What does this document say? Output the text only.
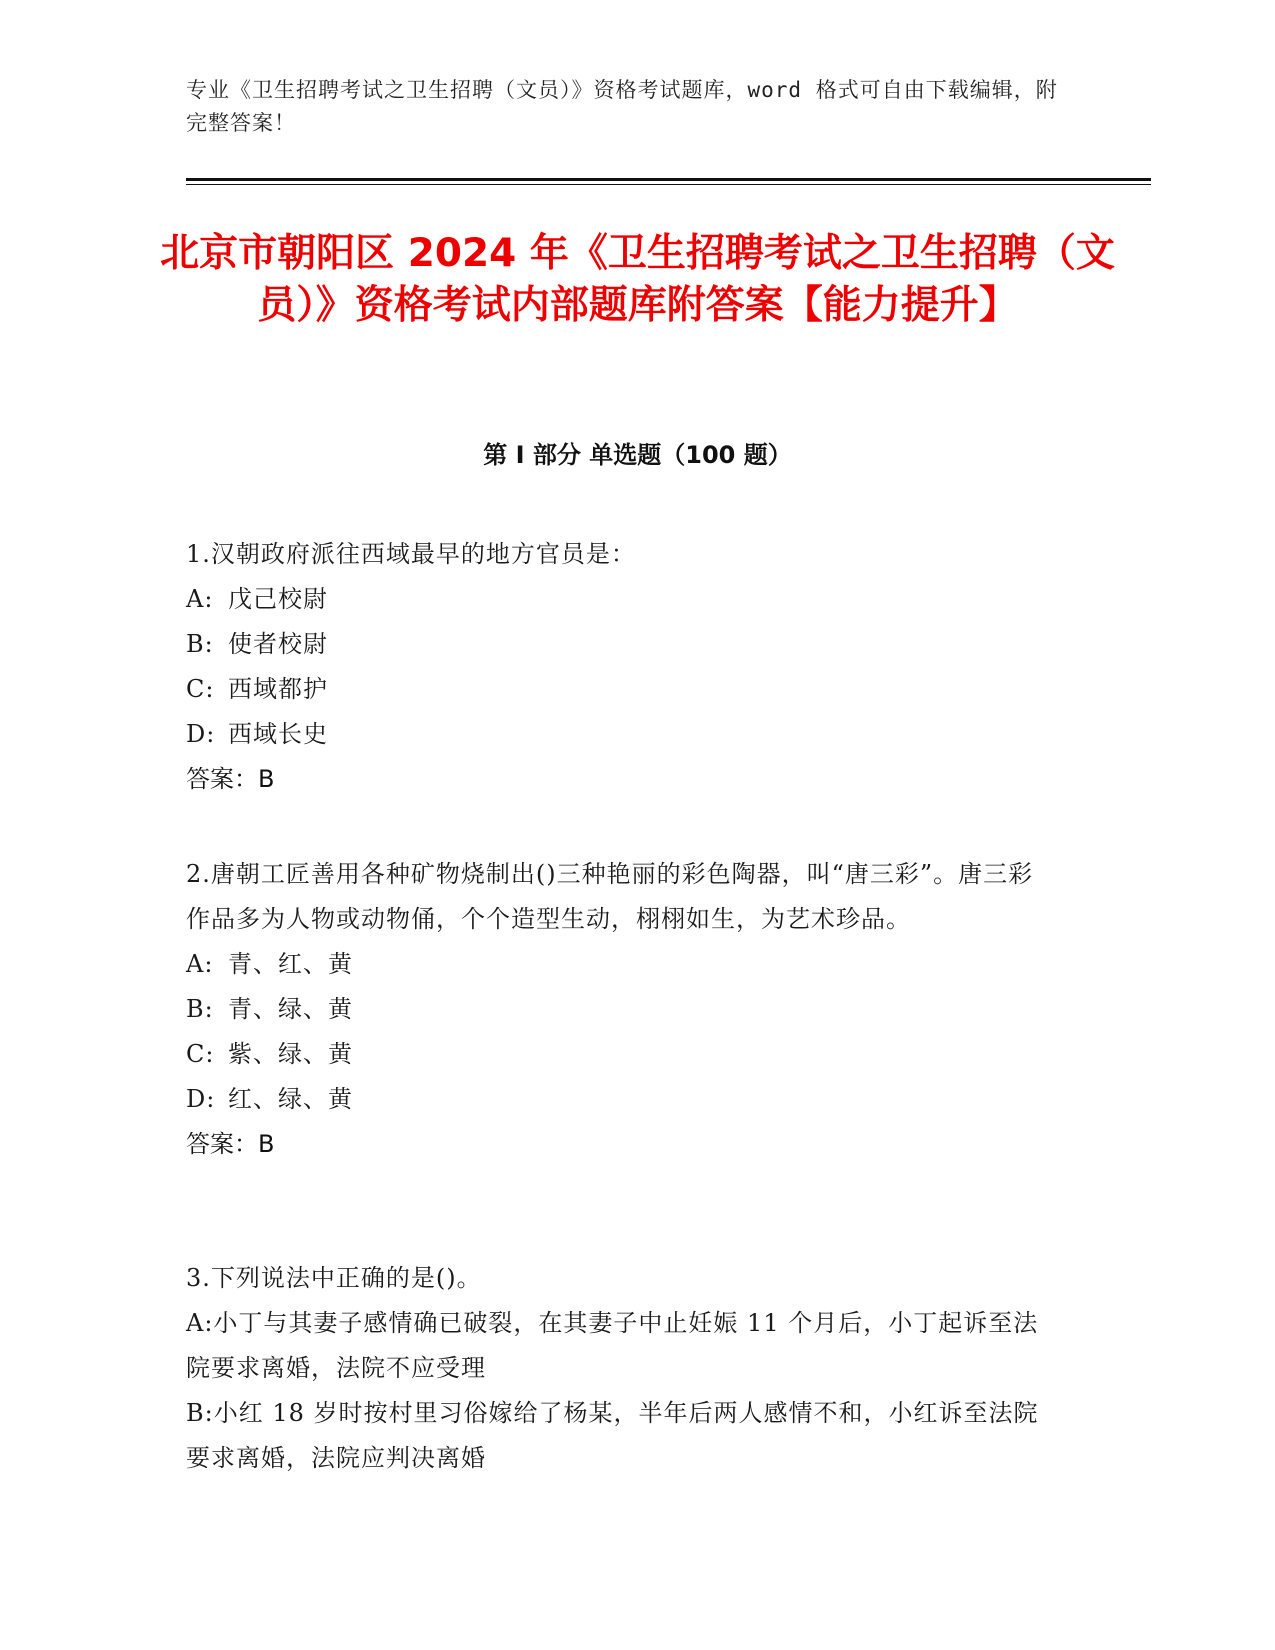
专业《卫生招聘考试之卫生招聘（文员）》资格考试题库，word 格式可自由下载编辑，附完整答案！
北京市朝阳区 2024 年《卫生招聘考试之卫生招聘（文员）》资格考试内部题库附答案【能力提升】
第 I 部分 单选题（100 题）
1.汉朝政府派往西域最早的地方官员是：
A: 戊己校尉
B: 使者校尉
C: 西域都护
D: 西域长史
答案：B
2.唐朝工匠善用各种矿物烧制出()三种艳丽的彩色陶器，叫“唐三彩”。唐三彩作品多为人物或动物俑，个个造型生动，栩栩如生，为艺术珍品。
A: 青、红、黄
B: 青、绿、黄
C: 紫、绿、黄
D: 红、绿、黄
答案：B
3.下列说法中正确的是()。
A:小丁与其妻子感情确已破裂，在其妻子中止妊娠 11 个月后，小丁起诉至法院要求离婚，法院不应受理
B:小红 18 岁时按村里习俗嫁给了杨某，半年后两人感情不和，小红诉至法院要求离婚，法院应判决离婚
